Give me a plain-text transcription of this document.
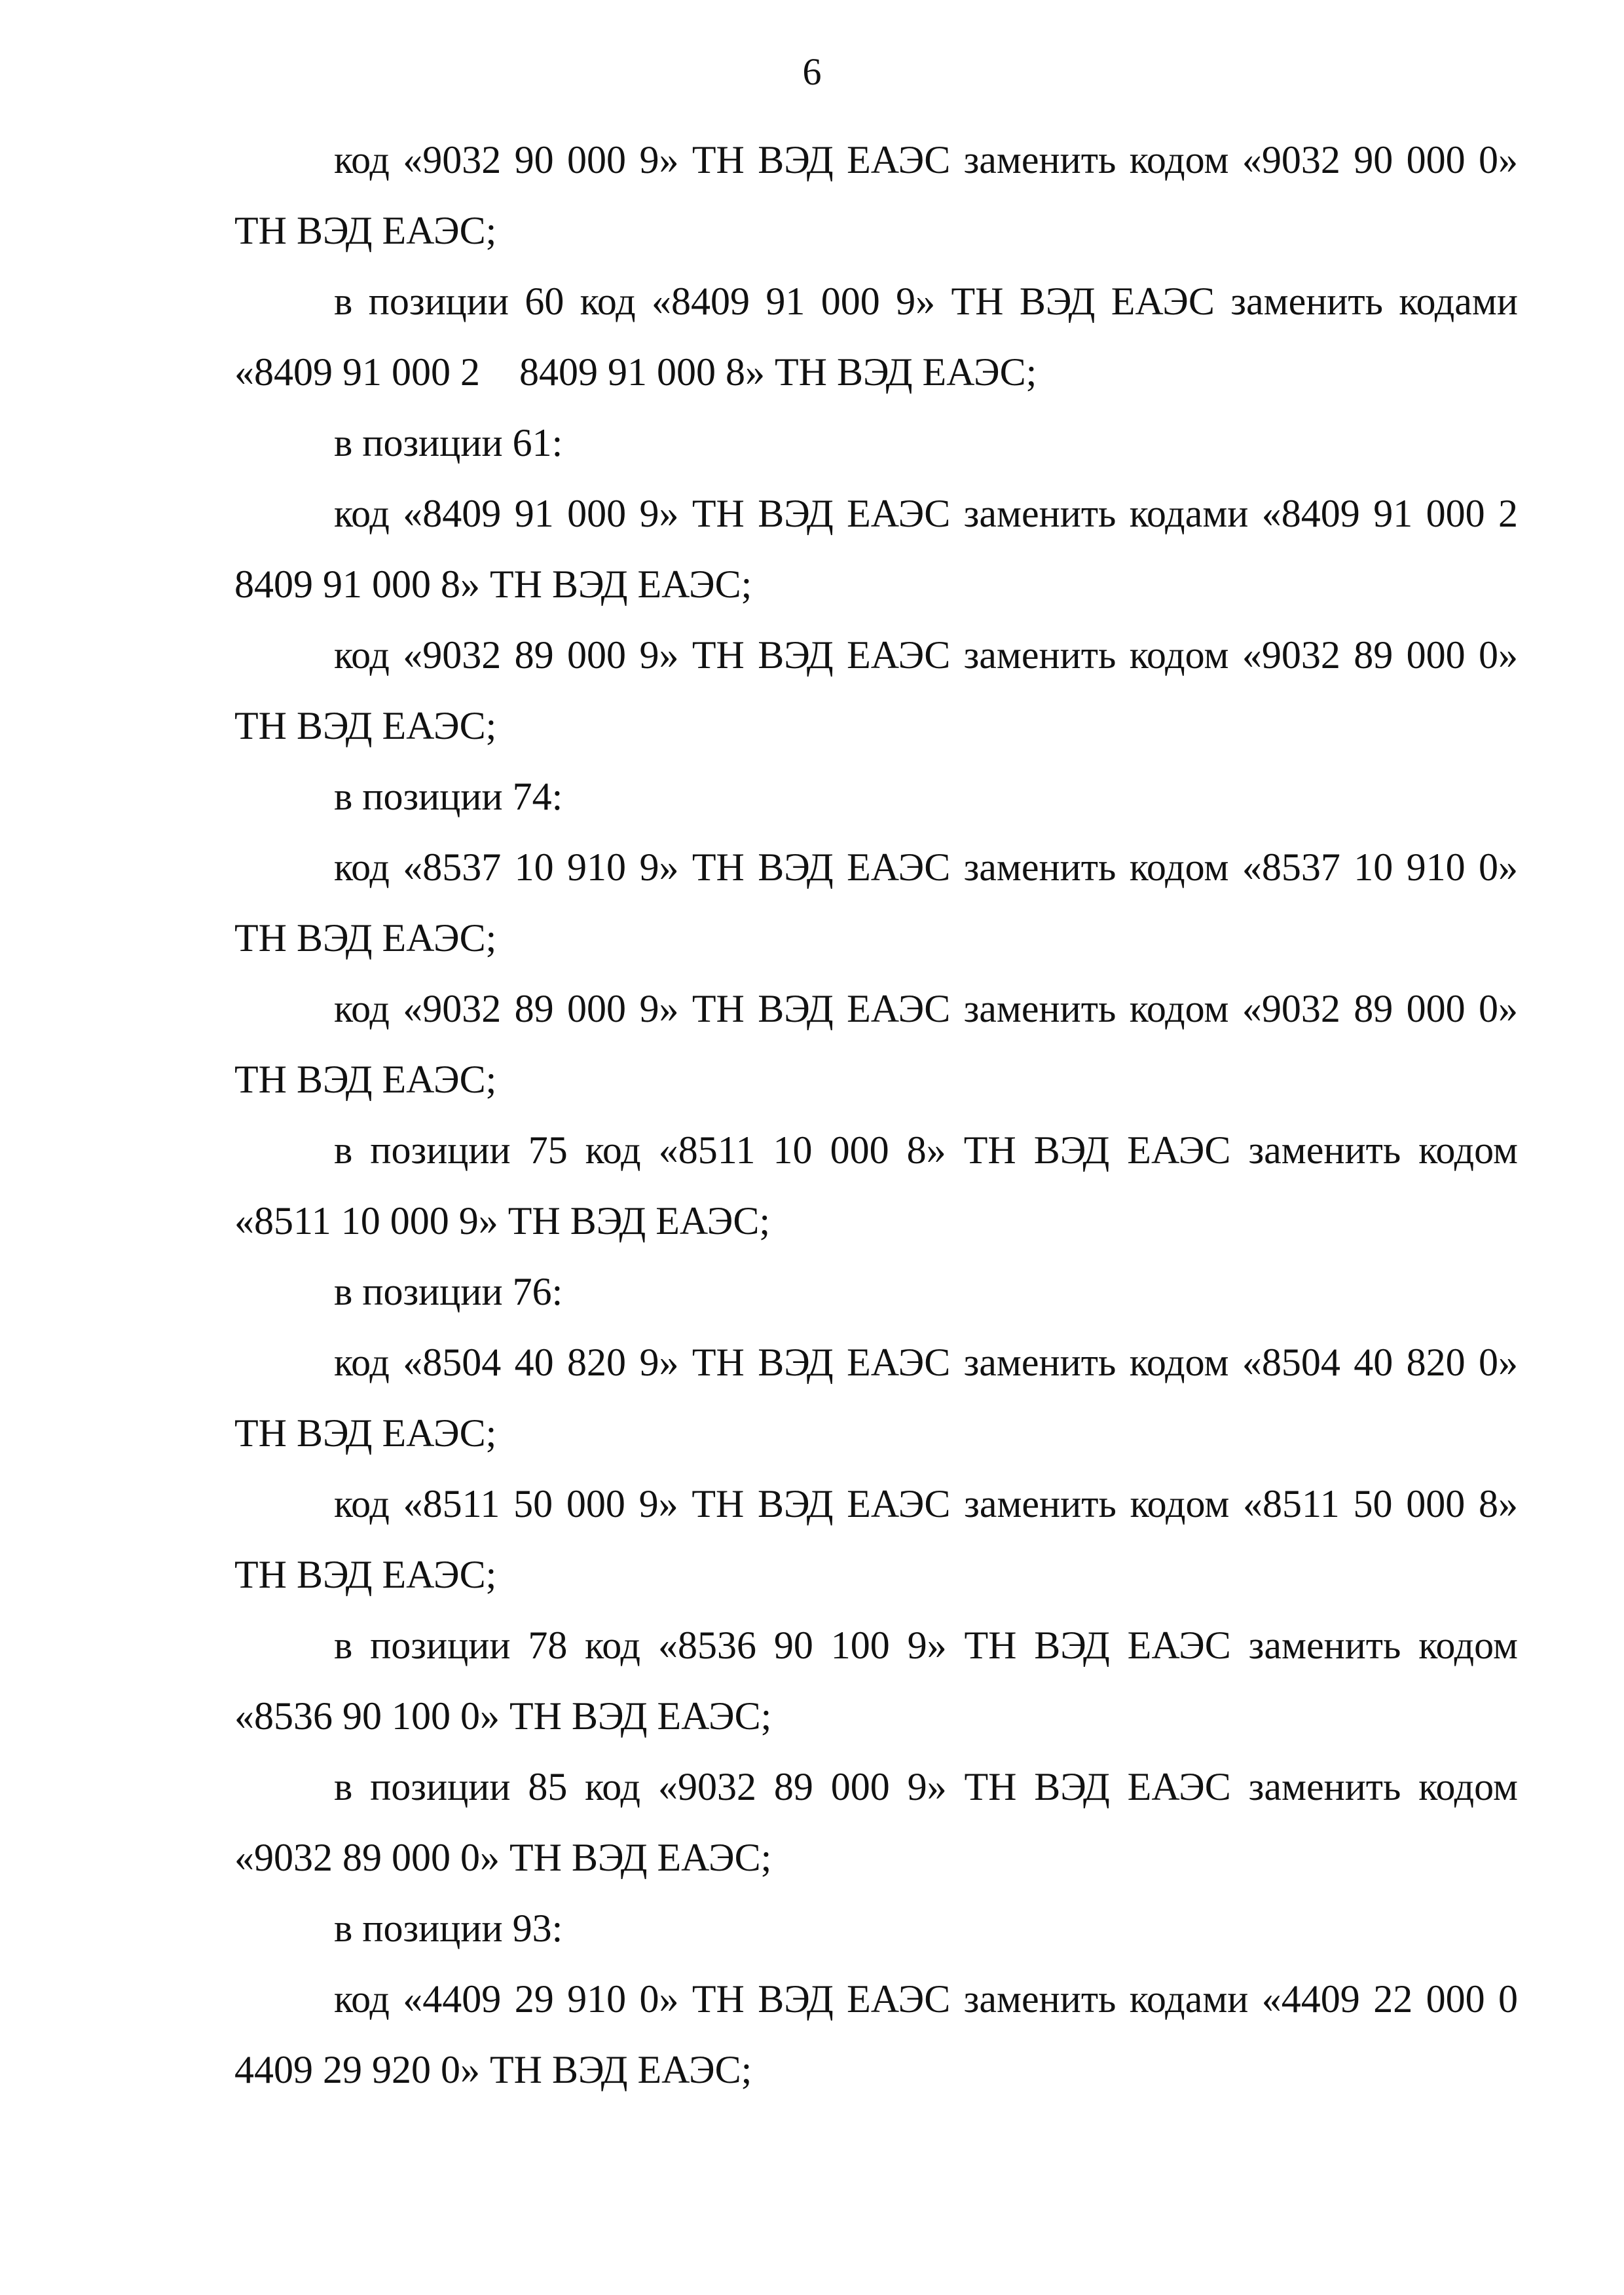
6

код «9032 90 000 9» ТН ВЭД ЕАЭС заменить кодом «9032 90 000 0» ТН ВЭД ЕАЭС;

в позиции 60 код «8409 91 000 9» ТН ВЭД ЕАЭС заменить кодами «8409 91 000 2    8409 91 000 8» ТН ВЭД ЕАЭС;

в позиции 61:

код «8409 91 000 9» ТН ВЭД ЕАЭС заменить кодами «8409 91 000 2    8409 91 000 8» ТН ВЭД ЕАЭС;

код «9032 89 000 9» ТН ВЭД ЕАЭС заменить кодом «9032 89 000 0» ТН ВЭД ЕАЭС;

в позиции 74:

код «8537 10 910 9» ТН ВЭД ЕАЭС заменить кодом «8537 10 910 0» ТН ВЭД ЕАЭС;

код «9032 89 000 9» ТН ВЭД ЕАЭС заменить кодом «9032 89 000 0» ТН ВЭД ЕАЭС;

в позиции 75 код «8511 10 000 8» ТН ВЭД ЕАЭС заменить кодом «8511 10 000 9» ТН ВЭД ЕАЭС;

в позиции 76:

код «8504 40 820 9» ТН ВЭД ЕАЭС заменить кодом «8504 40 820 0» ТН ВЭД ЕАЭС;

код «8511 50 000 9» ТН ВЭД ЕАЭС заменить кодом «8511 50 000 8» ТН ВЭД ЕАЭС;

в позиции 78 код «8536 90 100 9» ТН ВЭД ЕАЭС заменить кодом «8536 90 100 0» ТН ВЭД ЕАЭС;

в позиции 85 код «9032 89 000 9» ТН ВЭД ЕАЭС заменить кодом «9032 89 000 0» ТН ВЭД ЕАЭС;

в позиции 93:

код «4409 29 910 0» ТН ВЭД ЕАЭС заменить кодами «4409 22 000 0    4409 29 920 0» ТН ВЭД ЕАЭС;
